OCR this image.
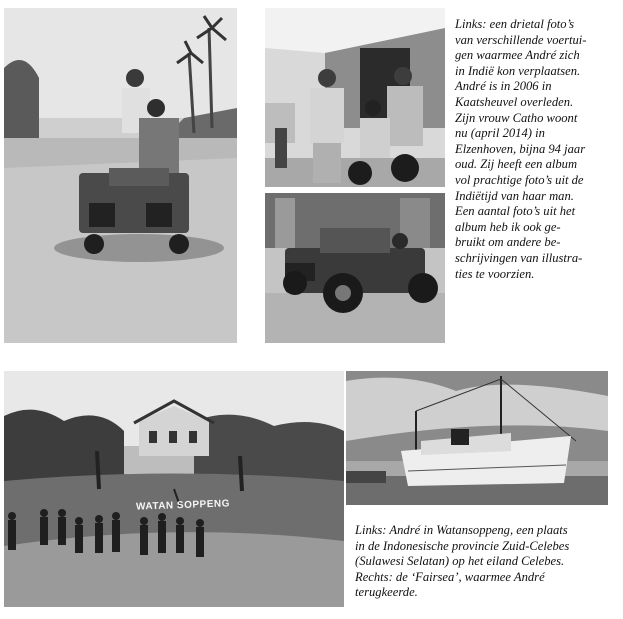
Links: een drietal foto’s
van verschillende voertui-
gen waarmee André zich
in Indië kon verplaatsen.
André is in 2006 in
Kaatsheuvel overleden.
Zijn vrouw Catho woont
nu (april 2014) in
Elzenhoven, bijna 94 jaar
oud. Zij heeft een album
vol prachtige foto’s uit de
Indiëtijd van haar man.
Een aantal foto’s uit het
album heb ik ook ge-
bruikt om andere be-
schrijvingen van illustra-
ties te voorzien.
WATAN SOPPENG
Links: André in Watansoppeng, een plaats
in de Indonesische provincie Zuid-Celebes
(Sulawesi Selatan) op het eiland Celebes.
Rechts: de ‘Fairsea’, waarmee André
terugkeerde.
